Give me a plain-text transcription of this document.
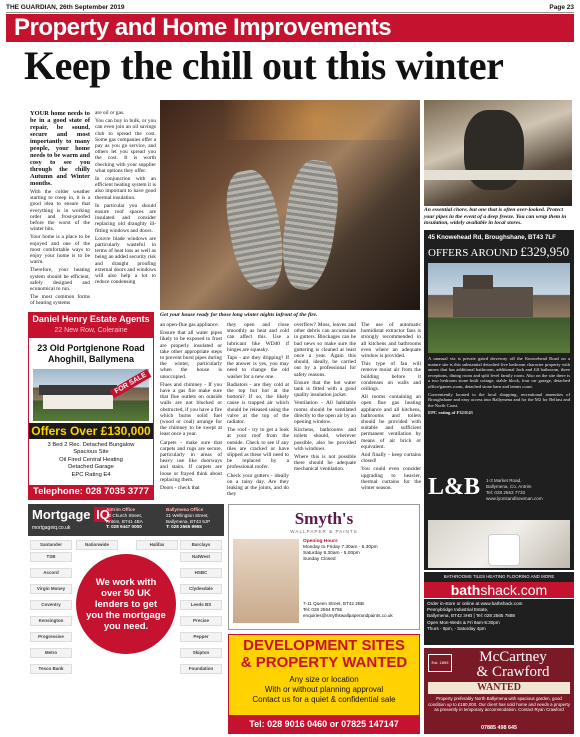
THE GUARDIAN, 26th September 2019	Page 23
Property and Home Improvements
Keep the chill out this winter

YOUR home needs to be in a good state of repair, be sound, secure and most importantly to many people, your home needs to be warm and cosy to see you through the chilly Autumn and Winter months.

With the colder weather starting to creep in, it is a good idea to ensure that everything is in working order and frost-proofed before the worst of the winter hits.

Your home is a place to be enjoyed and one of the most comfortable ways to enjoy your home is to be warm.

Therefore, your heating system should be efficient, safely designed and economical to run.

The most common forms of heating systems

are oil or gas.

You can buy in bulk, or you can even join an oil savings club to spread the cost. Some gas companies offer a pay as you go service, and others let you spread you the cost. It is worth checking with your supplier what options they offer.

In conjunction with an efficient heating system it is also important to have good thermal insulation.

In particular you should ensure roof spaces are insulated and consider replacing old draughty ill-fitting windows and doors.

Louvre blade windows are particularly wasteful in terms of heat loss as well as being an added security risk and draught proofing external doors and windows will also help a lot to reduce condensing

Get your house ready for those long winter nights infront of the fire.
An essential chore, but one that is often over-looked. Protect your pipes in the event of a deep freeze. You can wrap them in insulation, widely available in local stores.
45 Knowehead Rd, Broughshane, BT43 7LF
OFFERS AROUND £329,950

A unusual via is private gated driveway off the Knowehead Road on a mature site is this substantial detached five bedroom character property with annex that has additional bathroom, additional Jack and Jill bathroom, three receptions, dining room and split level family room. Also on the site there is a two bedroom stone built cottage, stable block, four car garage, detached office/games room, detached stone barn and tennis court.

Conveniently located to the local shopping, recreational amenities of Broughshane and easy access into Ballymena and for the M2 for Belfast and the North Coast.

EPC rating of F32/E43

L&B 1-3 Market Road,
Ballymena, Co. Antrim
Tel: 028 2563 7733
www.lyonsandbowman.com

an open-flue gas appliance.

Ensure that all water pipes likely to be exposed to frost are properly insulated or take other appropriate steps to prevent burst pipes during the winter, particularly when the house is unoccupied.

Flues and chimney - If you have a gas fire make sure that flue outlets on outside walls are not blocked or obstructed, if you have a fire which burns solid fuel (wood or coal) arrange for the chimney to be swept at least once a year.

Carpets - make sure that carpets and rugs are secure, particularly in areas of heavy use like doorways and stairs. If carpets are loose or frayed think about replacing them.

Doors - check that

they open and close smoothly as heat and cold can affect this. Use a lubricant like WD40 if hinges are squeaky.

Taps - are they dripping? If the answer is yes, you may need to change the old washer for a new one.

Radiators - are they cold at the top but hot at the bottom? If so, the likely cause is trapped air which should be released using the valve at the top of the radiator.

The roof - try to get a look at your roof from the outside. Check to see if any tiles are cracked or have slipped as these will need to be replaced by a professional roofer.

Check your gutters - ideally on a rainy day. Are they leaking at the joints, and do they

overflow? Moss, leaves and other debris can accumulate in gutters. Blockages can be bad news so make sure the guttering is cleaned at least once a year. Again this should, ideally, be carried out by a professional for safety reasons.

Ensure that the hot water tank is fitted with a good quality insulation jacket.

Ventilation - All habitable rooms should be ventilated directly to the open air by an opening window.

Kitchens, bathrooms and toilets should, wherever possible, also be provided with windows.

Where this is not possible there should be adequate mechanical ventilation.

The use of automatic humidistat extractor fans is strongly recommended in all kitchens and bathrooms even where an adequate window is provided.

This type of fan will remove moist air from the building before it condenses on walls and ceilings.

All rooms containing an open flue gas heating appliance and all kitchens, bathrooms and toilets should be provided with suitable and sufficient permanent ventilation by means of air brick or equivalent.

And finally - keep curtains closed!

You could even consider upgrading to heavier, thermal curtains for the winter season.

Daniel Henry Estate Agents
22 New Row, Coleraine
23 Old Portglenone Road
Ahoghill, Ballymena
FOR SALE
Offers Over £130,000
3 Bed 2 Rec. Detached Bungalow
Spacious Site
Oil Fired Central Heating
Detached Garage
EPC Rating E4
Telephone: 028 7035 3777
Mortgage IQ
mortgageiq.co.uk
Antrim Office
12 Church Street,
Antrim, BT41 4BA
T: 028 9447 0000
Ballymena Office
21 Wellington Street,
Ballymena, BT43 6JP
T: 028 2565 9955
Santander	Nationwide	Halifax	Barclays
TSB	NatWest
Accord	HSBC
Virgin Money	Clydesdale
Coventry	Leeds BS
Kensington	Precise
Progressive	Pepper
Metro	Skipton
Tesco Bank	Foundation
We work with over 50 UK lenders to get you the mortgage you need.
Smyth's
WALLPAPER & PAINTS
Opening Hours
Monday to Friday 7.30am - 5.30pm
Saturday 8.30am - 5.00pm
Sunday Closed
7-11 Queen Street, BT42 2BB
Tel: 028 2564 8755
enquiries@smythswallpaperandpaints.co.uk
DEVELOPMENT SITES
& PROPERTY WANTED
Any size or location
With or without planning approval
Contact us for a quiet & confidential sale
Tel: 028 9016 0460 or 07825 147147
BATHROOMS TILES HEATING FLOORING AND MORE
bathshack.com
Order in-store or online at www.bathshack.com
Pennybridge Industrial Estate,
Ballymena, BT42 3HB | Tel: 028 2565 7888
Open Mon-Weds & Fri 9am-5:30pm
Thurs - 9pm, - Saturday 4pm
Est. 1895	McCartney
& Crawford
WANTED
Property preferably North Ballymena with spacious garden, good condition up to £180,000. Our client has sold home and needs a property as presently in temporary accommodation. Contact Ryan Crawford
07885 498 645
